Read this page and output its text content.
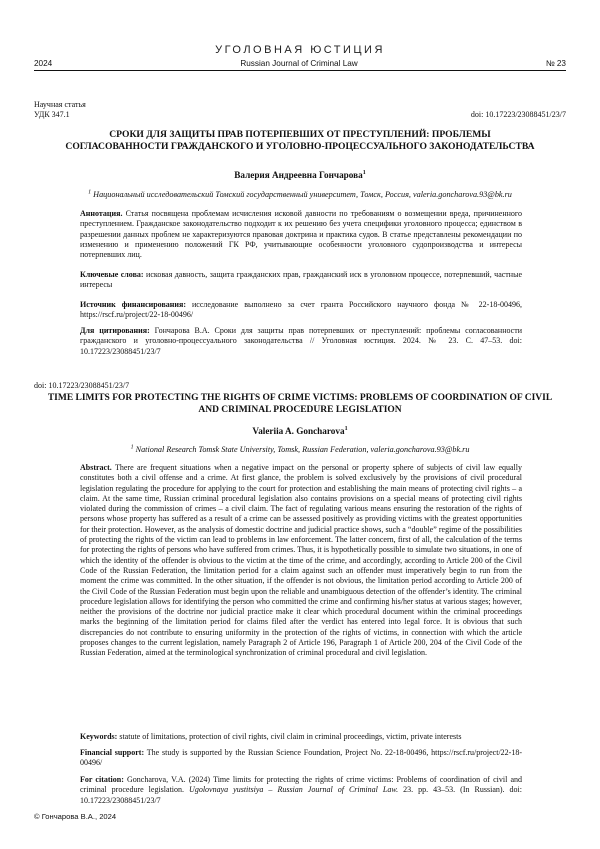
УГОЛОВНАЯ ЮСТИЦИЯ
2024	Russian Journal of Criminal Law	№ 23
Научная статья
УДК 347.1	doi: 10.17223/23088451/23/7
СРОКИ ДЛЯ ЗАЩИТЫ ПРАВ ПОТЕРПЕВШИХ ОТ ПРЕСТУПЛЕНИЙ: ПРОБЛЕМЫ СОГЛАСОВАННОСТИ ГРАЖДАНСКОГО И УГОЛОВНО-ПРОЦЕССУАЛЬНОГО ЗАКОНОДАТЕЛЬСТВА
Валерия Андреевна Гончарова1
1 Национальный исследовательский Томский государственный университет, Томск, Россия, valeria.goncharova.93@bk.ru
Аннотация. Статья посвящена проблемам исчисления исковой давности по требованиям о возмещении вреда, причиненного преступлением. Гражданское законодательство подходит к их решению без учета специфики уголовного процесса; единством в разрешении данных проблем не характеризуются правовая доктрина и практика судов. В статье представлены рекомендации по изменению и применению положений ГК РФ, учитывающие особенности уголовного судопроизводства и интересы потерпевших лиц.
Ключевые слова: исковая давность, защита гражданских прав, гражданский иск в уголовном процессе, потерпевший, частные интересы
Источник финансирования: исследование выполнено за счет гранта Российского научного фонда № 22-18-00496, https://rscf.ru/project/22-18-00496/
Для цитирования: Гончарова В.А. Сроки для защиты прав потерпевших от преступлений: проблемы согласованности гражданского и уголовно-процессуального законодательства // Уголовная юстиция. 2024. № 23. С. 47–53. doi: 10.17223/23088451/23/7
doi: 10.17223/23088451/23/7
TIME LIMITS FOR PROTECTING THE RIGHTS OF CRIME VICTIMS: PROBLEMS OF COORDINATION OF CIVIL AND CRIMINAL PROCEDURE LEGISLATION
Valeriia A. Goncharova1
1 National Research Tomsk State University, Tomsk, Russian Federation, valeria.goncharova.93@bk.ru
Abstract. There are frequent situations when a negative impact on the personal or property sphere of subjects of civil law equally constitutes both a civil offense and a crime. At first glance, the problem is solved exclusively by the provisions of civil procedural legislation regulating the procedure for applying to the court for protection and establishing the main means of protecting civil rights – a claim. At the same time, Russian criminal procedural legislation also contains provisions on a special means of protecting civil rights violated during the commission of crimes – a civil claim. The fact of regulating various means ensuring the restoration of the rights of persons whose property has suffered as a result of a crime can be assessed positively as providing victims with the greatest opportunities for their protection. However, as the analysis of domestic doctrine and judicial practice shows, such a “double” regime of the possibilities of protecting the rights of the victim can lead to problems in law enforcement. The latter concern, first of all, the calculation of the terms for protecting the rights of persons who have suffered from crimes. Thus, it is hypothetically possible to simulate two situations, in one of which the identity of the offender is obvious to the victim at the time of the crime, and accordingly, according to Article 200 of the Civil Code of the Russian Federation, the limitation period for a claim against such an offender must imperatively begin to run from the moment the crime was committed. In the other situation, if the offender is not obvious, the limitation period according to Article 200 of the Civil Code of the Russian Federation must begin upon the reliable and unambiguous detection of the offender’s identity. The criminal procedure legislation allows for identifying the person who committed the crime and confirming his/her status at various stages; however, neither the provisions of the doctrine nor judicial practice make it clear which procedural document within the criminal proceedings marks the beginning of the limitation period for claims filed after the verdict has entered into legal force. It is obvious that such discrepancies do not contribute to ensuring uniformity in the protection of the rights of victims, in connection with which the article proposes changes to the current legislation, namely Paragraph 2 of Article 196, Paragraph 1 of Article 200, 204 of the Civil Code of the Russian Federation, aimed at the terminological synchronization of criminal procedural and civil legislation.
Keywords: statute of limitations, protection of civil rights, civil claim in criminal proceedings, victim, private interests
Financial support: The study is supported by the Russian Science Foundation, Project No. 22-18-00496, https://rscf.ru/project/22-18-00496/
For citation: Goncharova, V.A. (2024) Time limits for protecting the rights of crime victims: Problems of coordination of civil and criminal procedure legislation. Ugolovnaya yustitsiya – Russian Journal of Criminal Law. 23. pp. 43–53. (In Russian). doi: 10.17223/23088451/23/7
© Гончарова В.А., 2024
